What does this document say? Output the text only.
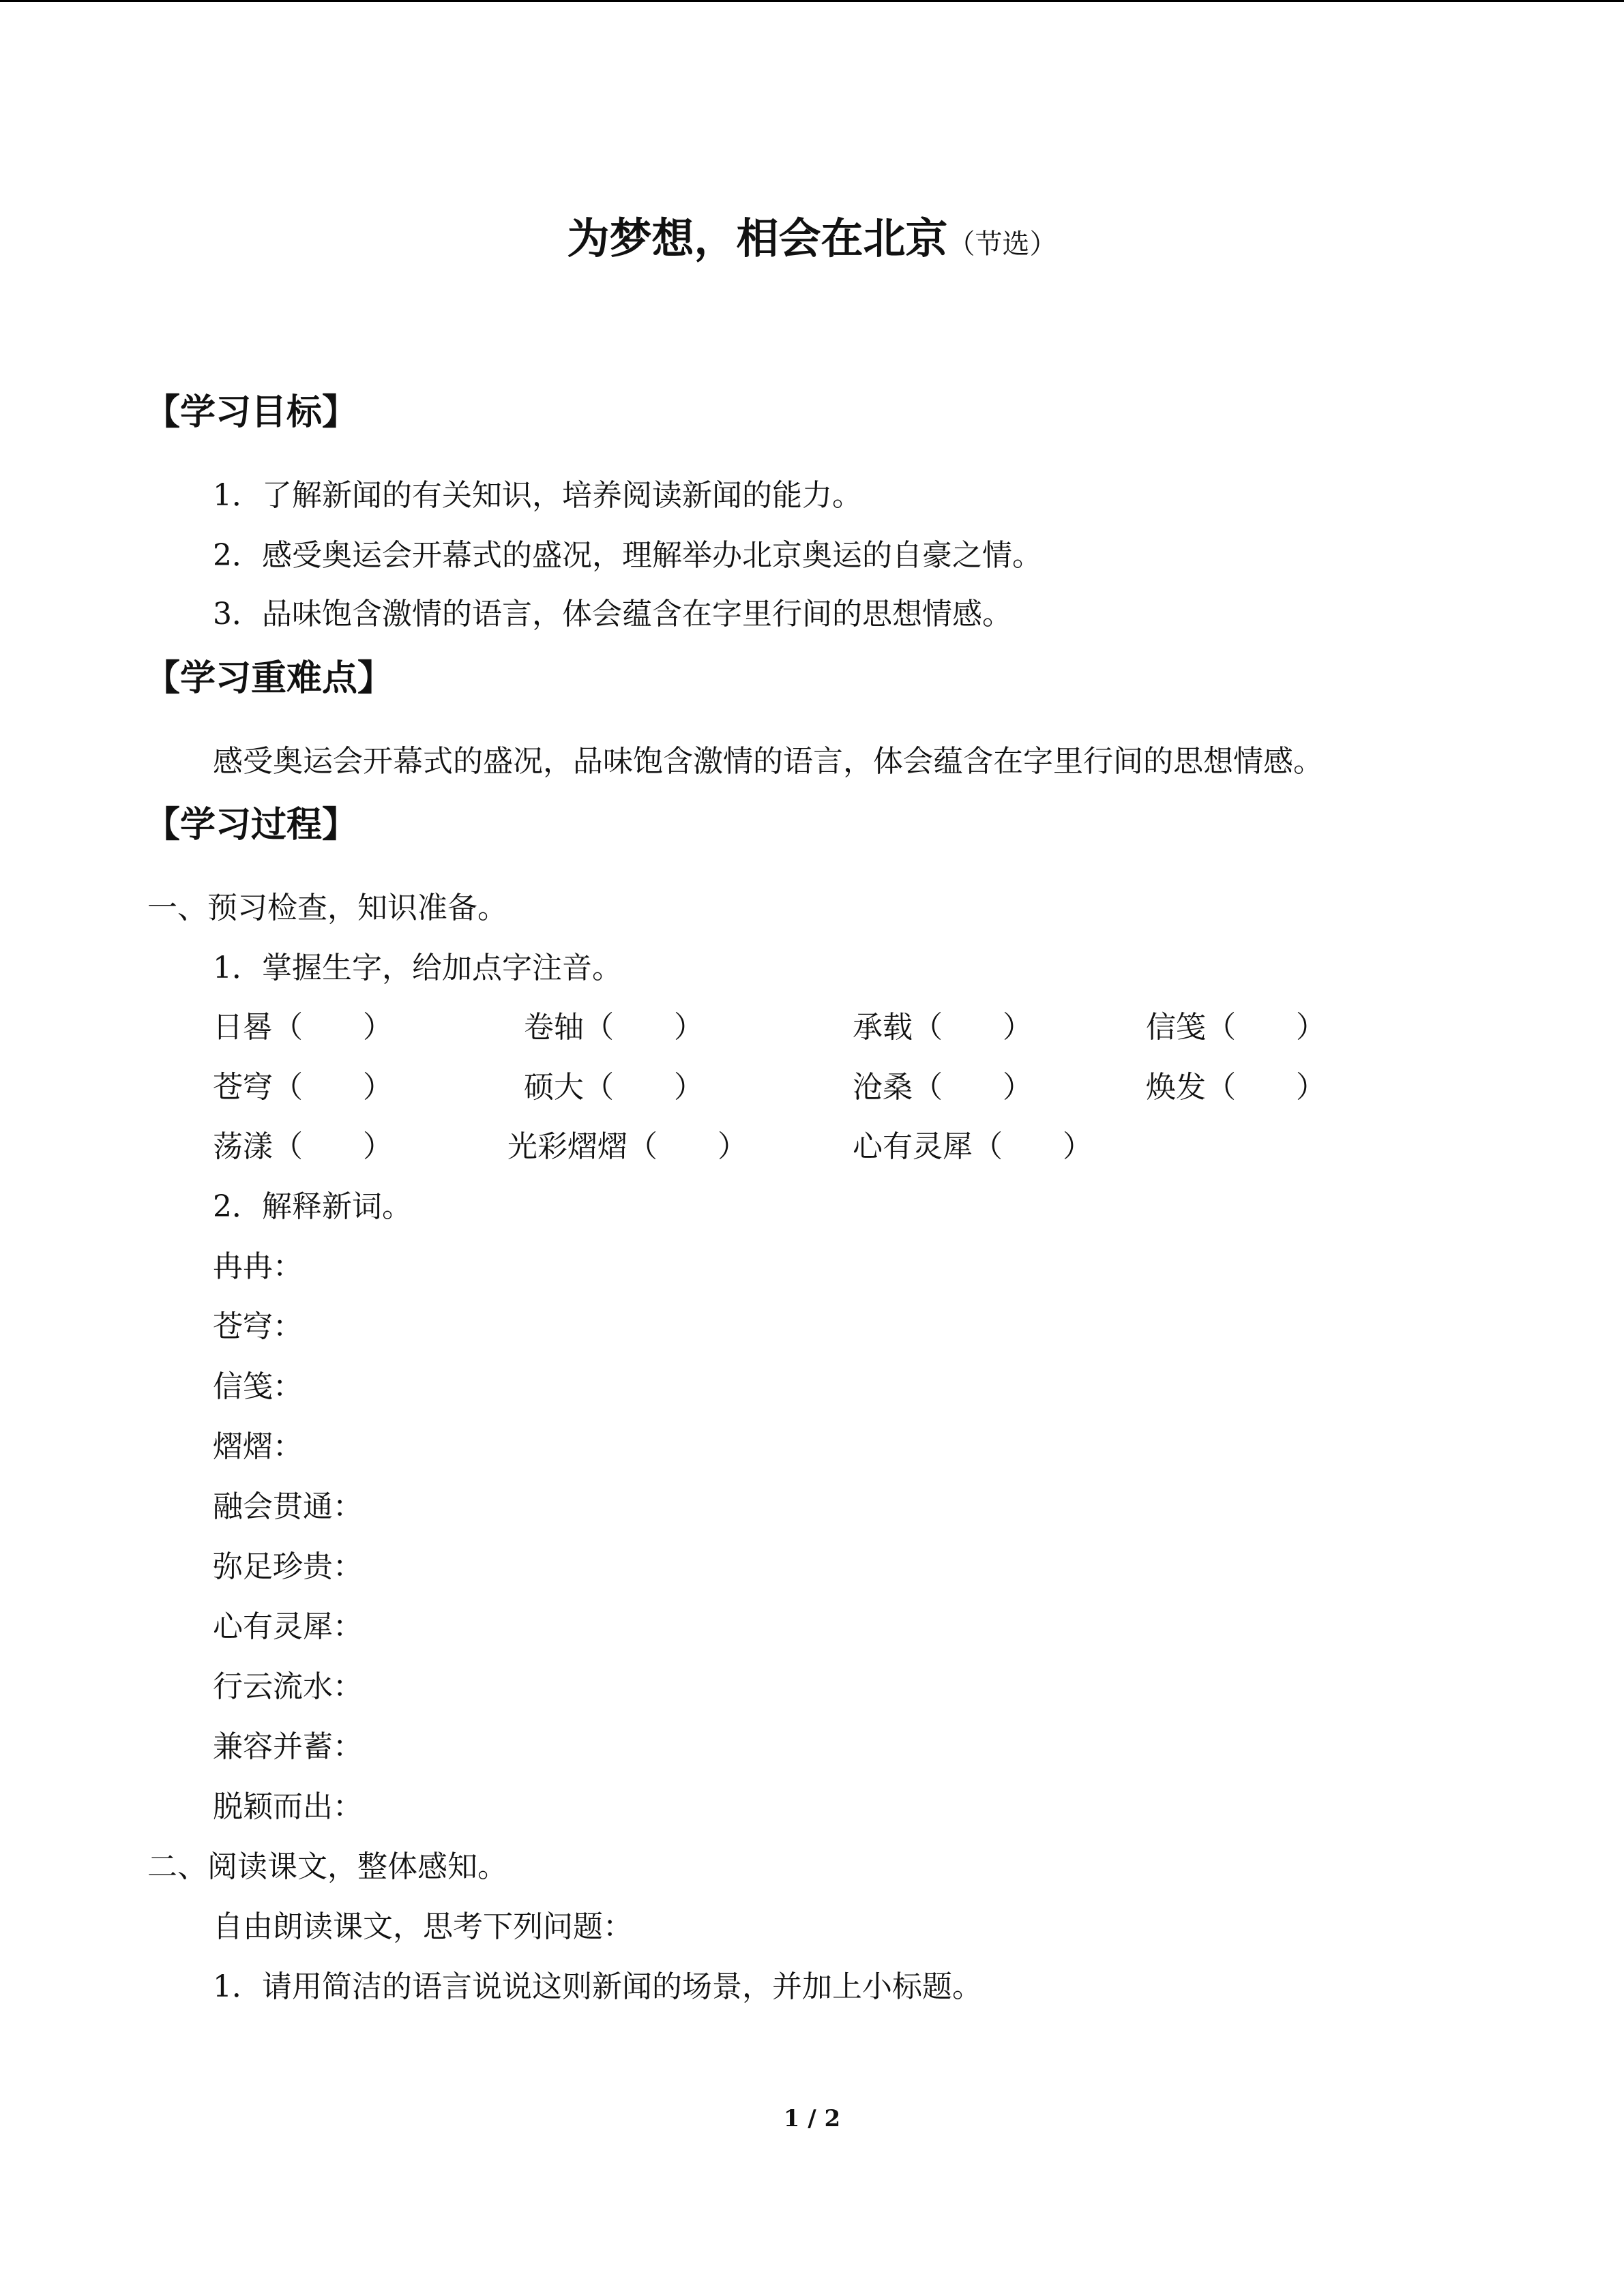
为梦想，相会在北京（节选）
【学习目标】
1．了解新闻的有关知识，培养阅读新闻的能力。
2．感受奥运会开幕式的盛况，理解举办北京奥运的自豪之情。
3．品味饱含激情的语言，体会蕴含在字里行间的思想情感。
【学习重难点】
感受奥运会开幕式的盛况，品味饱含激情的语言，体会蕴含在字里行间的思想情感。
【学习过程】
一、预习检查，知识准备。
1．掌握生字，给加点字注音。
日晷（　　）	卷轴（　　）	承载（　　）	信笺（　　）
苍穹（　　）	硕大（　　）	沧桑（　　）	焕发（　　）
荡漾（　　）	光彩熠熠（　　）	心有灵犀（　　）
2．解释新词。
冉冉：
苍穹：
信笺：
熠熠：
融会贯通：
弥足珍贵：
心有灵犀：
行云流水：
兼容并蓄：
脱颖而出：
二、阅读课文，整体感知。
自由朗读课文，思考下列问题：
1．请用简洁的语言说说这则新闻的场景，并加上小标题。
1 / 2
